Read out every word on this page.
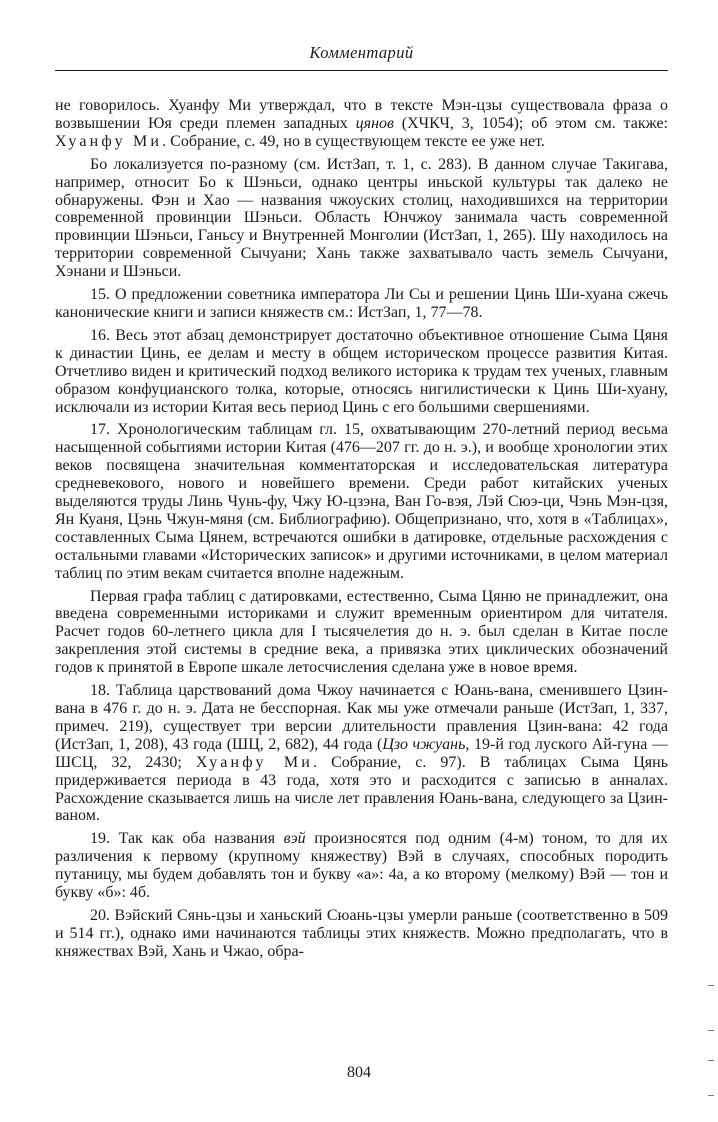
Комментарий

не говорилось. Хуанфу Ми утверждал, что в тексте Мэн-цзы существовала фраза о возвышении Юя среди племен западных цянов (ХЧКЧ, 3, 1054); об этом см. также: Хуанфу Ми. Собрание, с. 49, но в существующем тексте ее уже нет.

Бо локализуется по-разному (см. ИстЗап, т. 1, с. 283). В данном случае Такигава, например, относит Бо к Шэньси, однако центры иньской культуры так далеко не обнаружены. Фэн и Хао — названия чжоуских столиц, находившихся на территории современной провинции Шэньси. Область Юнчжоу занимала часть современной провинции Шэньси, Ганьсу и Внутренней Монголии (ИстЗап, 1, 265). Шу находилось на территории современной Сычуани; Хань также захватывало часть земель Сычуани, Хэнани и Шэньси.

15. О предложении советника императора Ли Сы и решении Цинь Ши-хуана сжечь канонические книги и записи княжеств см.: ИстЗап, 1, 77—78.

16. Весь этот абзац демонстрирует достаточно объективное отношение Сыма Цяня к династии Цинь, ее делам и месту в общем историческом процессе развития Китая. Отчетливо виден и критический подход великого историка к трудам тех ученых, главным образом конфуцианского толка, которые, относясь нигилистически к Цинь Ши-хуану, исключали из истории Китая весь период Цинь с его большими свершениями.

17. Хронологическим таблицам гл. 15, охватывающим 270-летний период весьма насыщенной событиями истории Китая (476—207 гг. до н. э.), и вообще хронологии этих веков посвящена значительная комментаторская и исследовательская литература средневекового, нового и новейшего времени. Среди работ китайских ученых выделяются труды Линь Чунь-фу, Чжу Ю-цзэна, Ван Го-вэя, Лэй Сюэ-ци, Чэнь Мэн-цзя, Ян Куаня, Цэнь Чжун-мяня (см. Библиографию). Общепризнано, что, хотя в «Таблицах», составленных Сыма Цянем, встречаются ошибки в датировке, отдельные расхождения с остальными главами «Исторических записок» и другими источниками, в целом материал таблиц по этим векам считается вполне надежным.

Первая графа таблиц с датировками, естественно, Сыма Цяню не принадлежит, она введена современными историками и служит временным ориентиром для читателя. Расчет годов 60-летнего цикла для I тысячелетия до н. э. был сделан в Китае после закрепления этой системы в средние века, а привязка этих циклических обозначений годов к принятой в Европе шкале летосчисления сделана уже в новое время.

18. Таблица царствований дома Чжоу начинается с Юань-вана, сменившего Цзин-вана в 476 г. до н. э. Дата не бесспорная. Как мы уже отмечали раньше (ИстЗап, 1, 337, примеч. 219), существует три версии длительности правления Цзин-вана: 42 года (ИстЗап, 1, 208), 43 года (ШЦ, 2, 682), 44 года (Цзо чжуань, 19-й год луского Ай-гуна — ШСЦ, 32, 2430; Хуанфу Ми. Собрание, с. 97). В таблицах Сыма Цянь придерживается периода в 43 года, хотя это и расходится с записью в анналах. Расхождение сказывается лишь на числе лет правления Юань-вана, следующего за Цзин-ваном.

19. Так как оба названия вэй произносятся под одним (4-м) тоном, то для их различения к первому (крупному княжеству) Вэй в случаях, способных породить путаницу, мы будем добавлять тон и букву «а»: 4а, а ко второму (мелкому) Вэй — тон и букву «б»: 4б.

20. Вэйский Сянь-цзы и ханьский Сюань-цзы умерли раньше (соответственно в 509 и 514 гг.), однако ими начинаются таблицы этих княжеств. Можно предполагать, что в княжествах Вэй, Хань и Чжао, обра-

804
